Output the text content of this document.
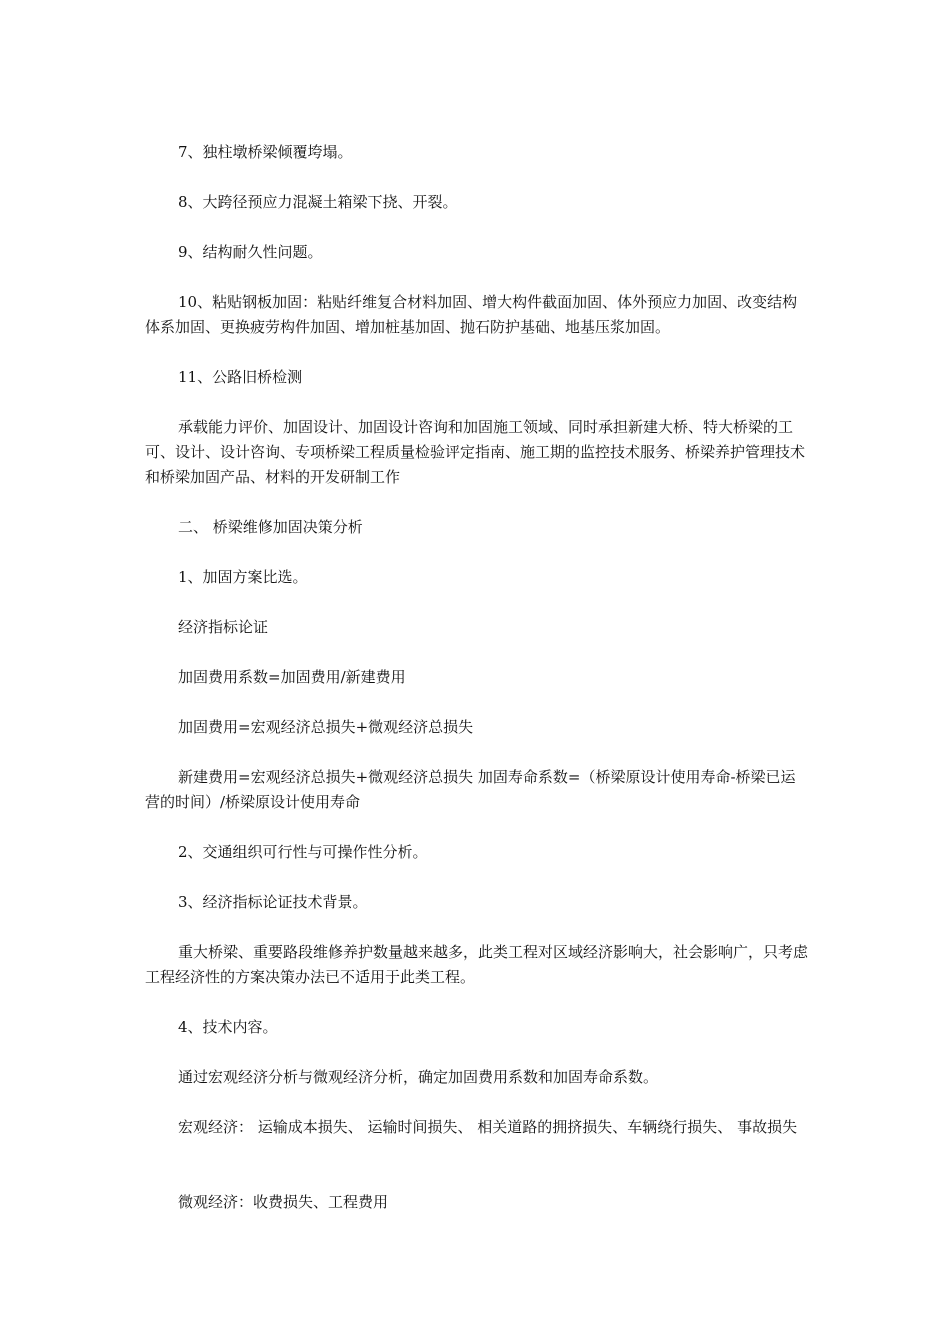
7、独柱墩桥梁倾覆垮塌。

8、大跨径预应力混凝土箱梁下挠、开裂。

9、结构耐久性问题。

10、粘贴钢板加固：粘贴纤维复合材料加固、增大构件截面加固、体外预应力加固、改变结构体系加固、更换疲劳构件加固、增加桩基加固、抛石防护基础、地基压浆加固。

11、公路旧桥检测

承载能力评价、加固设计、加固设计咨询和加固施工领域、同时承担新建大桥、特大桥梁的工可、设计、设计咨询、专项桥梁工程质量检验评定指南、施工期的监控技术服务、桥梁养护管理技术和桥梁加固产品、材料的开发研制工作

二、 桥梁维修加固决策分析

1、加固方案比选。

经济指标论证

加固费用系数=加固费用/新建费用

加固费用=宏观经济总损失+微观经济总损失

新建费用=宏观经济总损失+微观经济总损失 加固寿命系数=（桥梁原设计使用寿命-桥梁已运营的时间）/桥梁原设计使用寿命

2、交通组织可行性与可操作性分析。

3、经济指标论证技术背景。

重大桥梁、重要路段维修养护数量越来越多，此类工程对区域经济影响大，社会影响广，只考虑工程经济性的方案决策办法已不适用于此类工程。

4、技术内容。

通过宏观经济分析与微观经济分析，确定加固费用系数和加固寿命系数。

宏观经济： 运输成本损失、 运输时间损失、 相关道路的拥挤损失、车辆绕行损失、 事故损失

微观经济：收费损失、工程费用
